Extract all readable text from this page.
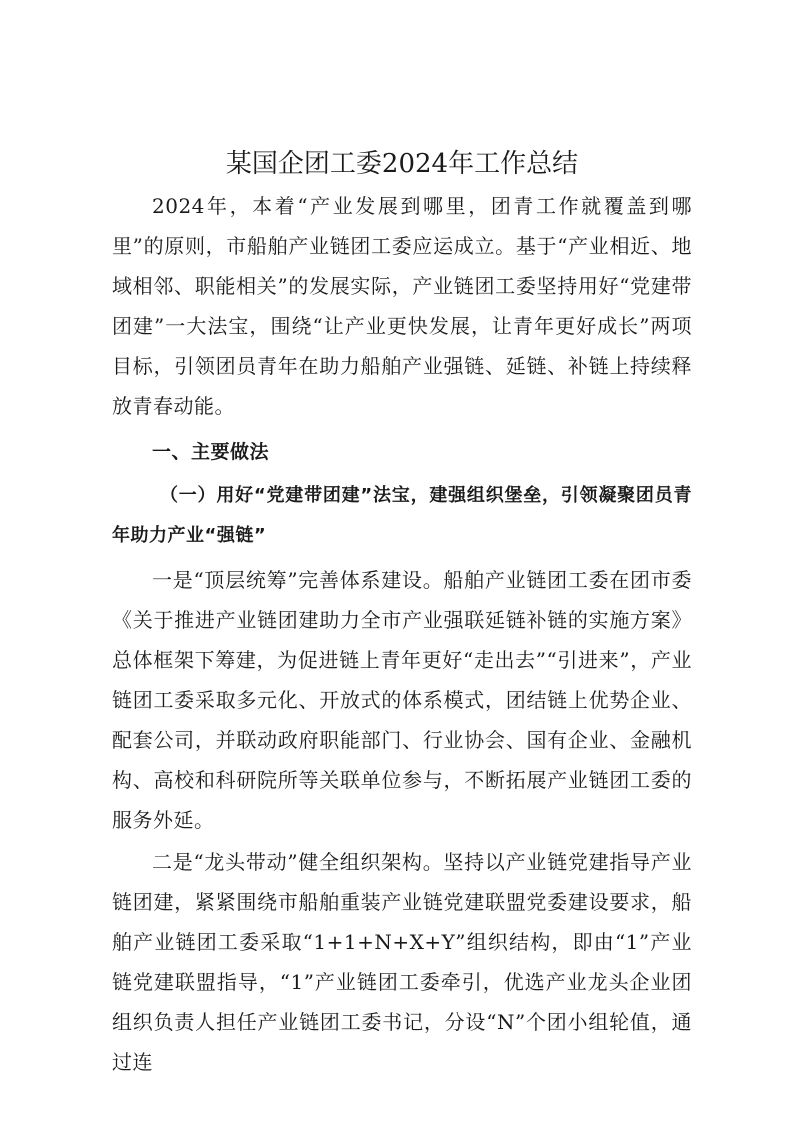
某国企团工委2024年工作总结

2024年，本着“产业发展到哪里，团青工作就覆盖到哪里”的原则，市船舶产业链团工委应运成立。基于“产业相近、地域相邻、职能相关”的发展实际，产业链团工委坚持用好“党建带团建”一大法宝，围绕“让产业更快发展，让青年更好成长”两项目标，引领团员青年在助力船舶产业强链、延链、补链上持续释放青春动能。

一、主要做法

（一）用好“党建带团建”法宝，建强组织堡垒，引领凝聚团员青年助力产业“强链”

一是“顶层统筹”完善体系建设。船舶产业链团工委在团市委《关于推进产业链团建助力全市产业强联延链补链的实施方案》总体框架下筹建，为促进链上青年更好“走出去”“引进来”，产业链团工委采取多元化、开放式的体系模式，团结链上优势企业、配套公司，并联动政府职能部门、行业协会、国有企业、金融机构、高校和科研院所等关联单位参与，不断拓展产业链团工委的服务外延。

二是“龙头带动”健全组织架构。坚持以产业链党建指导产业链团建，紧紧围绕市船舶重装产业链党建联盟党委建设要求，船舶产业链团工委采取“1+1+N+X+Y”组织结构，即由“1”产业链党建联盟指导，“1”产业链团工委牵引，优选产业龙头企业团组织负责人担任产业链团工委书记，分设“N”个团小组轮值，通过连
